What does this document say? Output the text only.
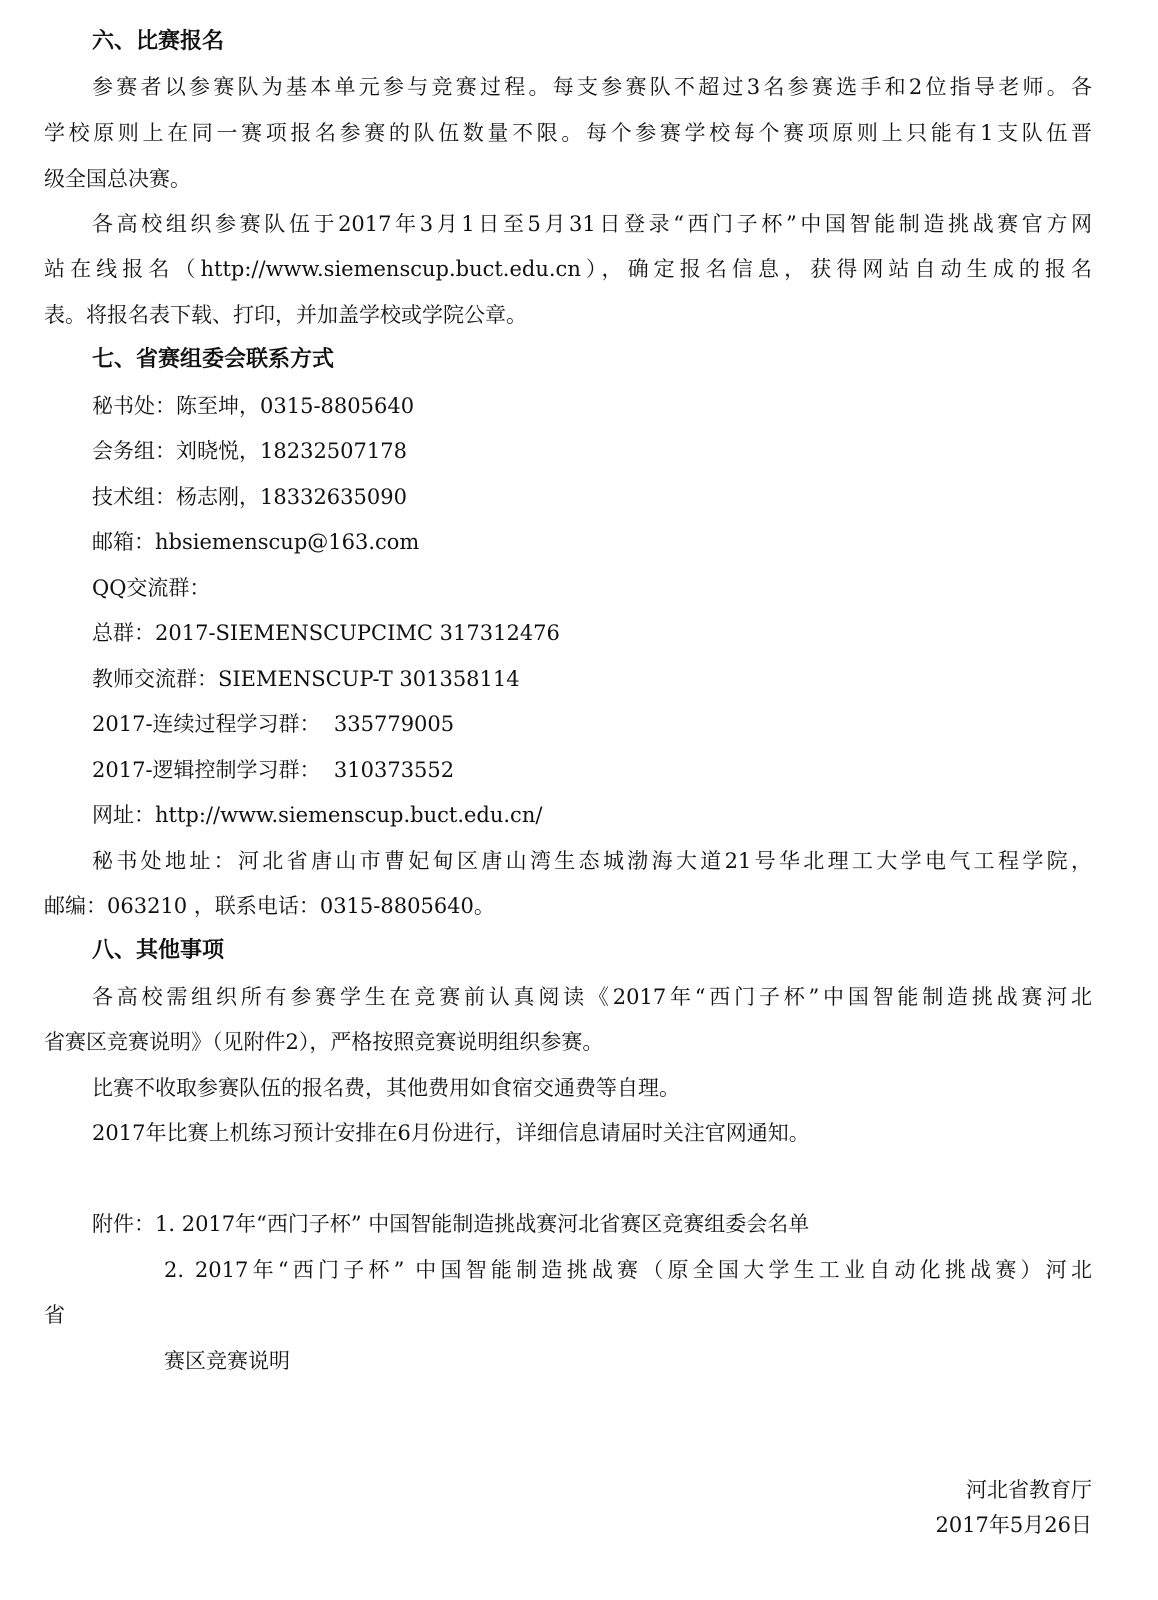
六、比赛报名
参赛者以参赛队为基本单元参与竞赛过程。每支参赛队不超过3名参赛选手和2位指导老师。各
学校原则上在同一赛项报名参赛的队伍数量不限。每个参赛学校每个赛项原则上只能有1支队伍晋
级全国总决赛。
各高校组织参赛队伍于2017年3月1日至5月31日登录“西门子杯”中国智能制造挑战赛官方网
站在线报名（http://www.siemenscup.buct.edu.cn），确定报名信息，获得网站自动生成的报名
表。将报名表下载、打印，并加盖学校或学院公章。
七、省赛组委会联系方式
秘书处：陈至坤，0315-8805640
会务组：刘晓悦，18232507178
技术组：杨志刚，18332635090
邮箱：hbsiemenscup@163.com
QQ交流群：
总群：2017-SIEMENSCUPCIMC 317312476
教师交流群：SIEMENSCUP-T 301358114
2017-连续过程学习群：  335779005
2017-逻辑控制学习群：  310373552
网址：http://www.siemenscup.buct.edu.cn/
秘书处地址：河北省唐山市曹妃甸区唐山湾生态城渤海大道21号华北理工大学电气工程学院，
邮编：063210 ，联系电话：0315-8805640。
八、其他事项
各高校需组织所有参赛学生在竞赛前认真阅读《2017年“西门子杯”中国智能制造挑战赛河北
省赛区竞赛说明》（见附件2），严格按照竞赛说明组织参赛。
比赛不收取参赛队伍的报名费，其他费用如食宿交通费等自理。
2017年比赛上机练习预计安排在6月份进行，详细信息请届时关注官网通知。
附件：1. 2017年“西门子杯” 中国智能制造挑战赛河北省赛区竞赛组委会名单
2. 2017年“西门子杯” 中国智能制造挑战赛（原全国大学生工业自动化挑战赛）河北
省
赛区竞赛说明
河北省教育厅
2017年5月26日
